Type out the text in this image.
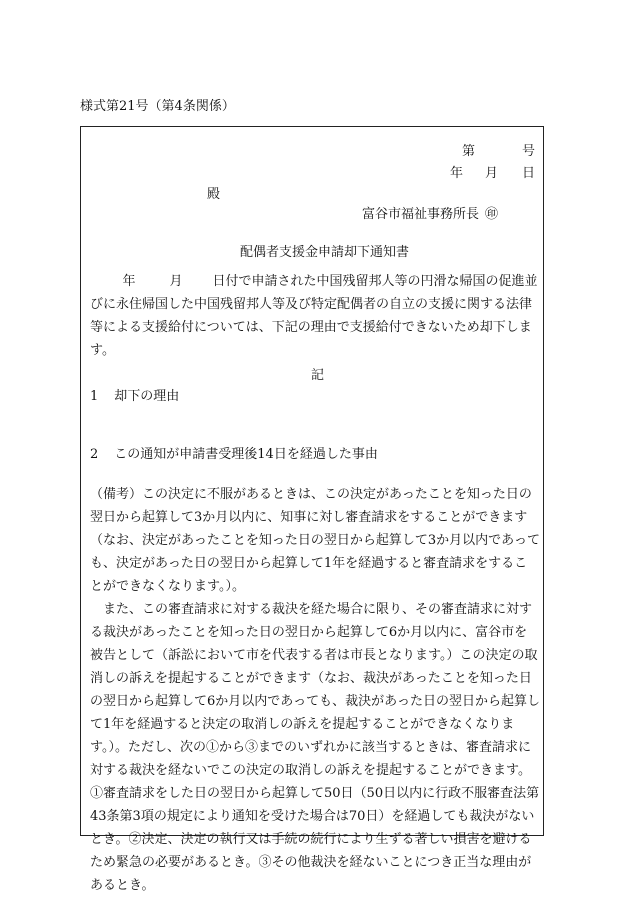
様式第21号（第4条関係）
第	号
年 月 日
殿
富谷市福祉事務所長 ㊞
配偶者支援金申請却下通知書
年	月 日付で申請された中国残留邦人等の円滑な帰国の促進並びに永住帰国した中国残留邦人等及び特定配偶者の自立の支援に関する法律等による支援給付については、下記の理由で支援給付できないため却下します。
記
1 却下の理由
2 この通知が申請書受理後14日を経過した事由

（備考）この決定に不服があるときは、この決定があったことを知った日の翌日から起算して3か月以内に、知事に対し審査請求をすることができます（なお、決定があったことを知った日の翌日から起算して3か月以内であっても、決定があった日の翌日から起算して1年を経過すると審査請求をすることができなくなります。）。

また、この審査請求に対する裁決を経た場合に限り、その審査請求に対する裁決があったことを知った日の翌日から起算して6か月以内に、富谷市を被告として（訴訟において市を代表する者は市長となります。）この決定の取消しの訴えを提起することができます（なお、裁決があったことを知った日の翌日から起算して6か月以内であっても、裁決があった日の翌日から起算して1年を経過すると決定の取消しの訴えを提起することができなくなります。）。ただし、次の①から③までのいずれかに該当するときは、審査請求に対する裁決を経ないでこの決定の取消しの訴えを提起することができます。①審査請求をした日の翌日から起算して50日（50日以内に行政不服審査法第43条第3項の規定により通知を受けた場合は70日）を経過しても裁決がないとき。②決定、決定の執行又は手続の続行により生ずる著しい損害を避けるため緊急の必要があるとき。③その他裁決を経ないことにつき正当な理由があるとき。
